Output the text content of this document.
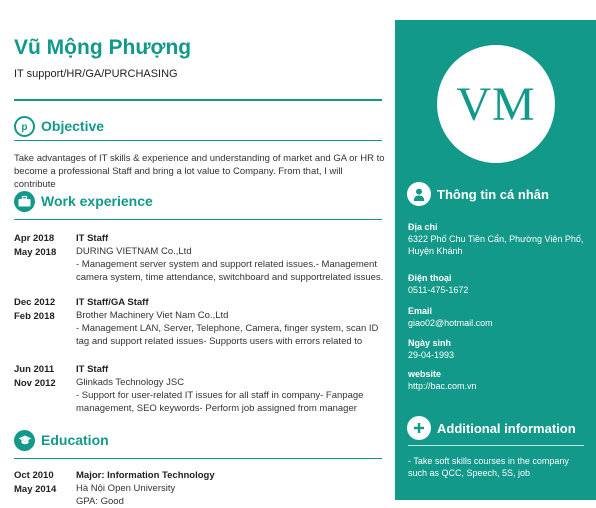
Vũ Mộng Phượng
IT support/HR/GA/PURCHASING
p Objective
Take advantages of IT skills & experience and understanding of market and GA or HR to become a professional Staff and bring a lot value to Company. From that, I will contribute
Work experience
Apr 2018
May 2018
IT Staff
DURING VIETNAM Co.,Ltd
- Management server system and support related issues.- Management camera system, time attendance, switchboard and supportrelated issues.
Dec 2012
Feb 2018
IT Staff/GA Staff
Brother Machinery Viet Nam Co.,Ltd
- Management LAN, Server, Telephone, Camera, finger system, scan ID tag and support related issues- Supports users with errors related to
Jun 2011
Nov 2012
IT Staff
Glinkads Technology JSC
- Support for user-related IT issues for all staff in company- Fanpage management, SEO keywords- Perform job assigned from manager
Education
Oct 2010
May 2014
Major: Information Technology
Hà Nội Open University
GPA: Good
VM
Thông tin cá nhân
Địa chỉ
6322 Phố Chu Tiền Cẩn, Phường Viên Phố, Huyện Khánh
Điện thoại
0511-475-1672
Email
giao02@hotmail.com
Ngày sinh
29-04-1993
website
http://bac.com.vn
Additional information
- Take soft skills courses in the company such as QCC, Speech, 5S, job
